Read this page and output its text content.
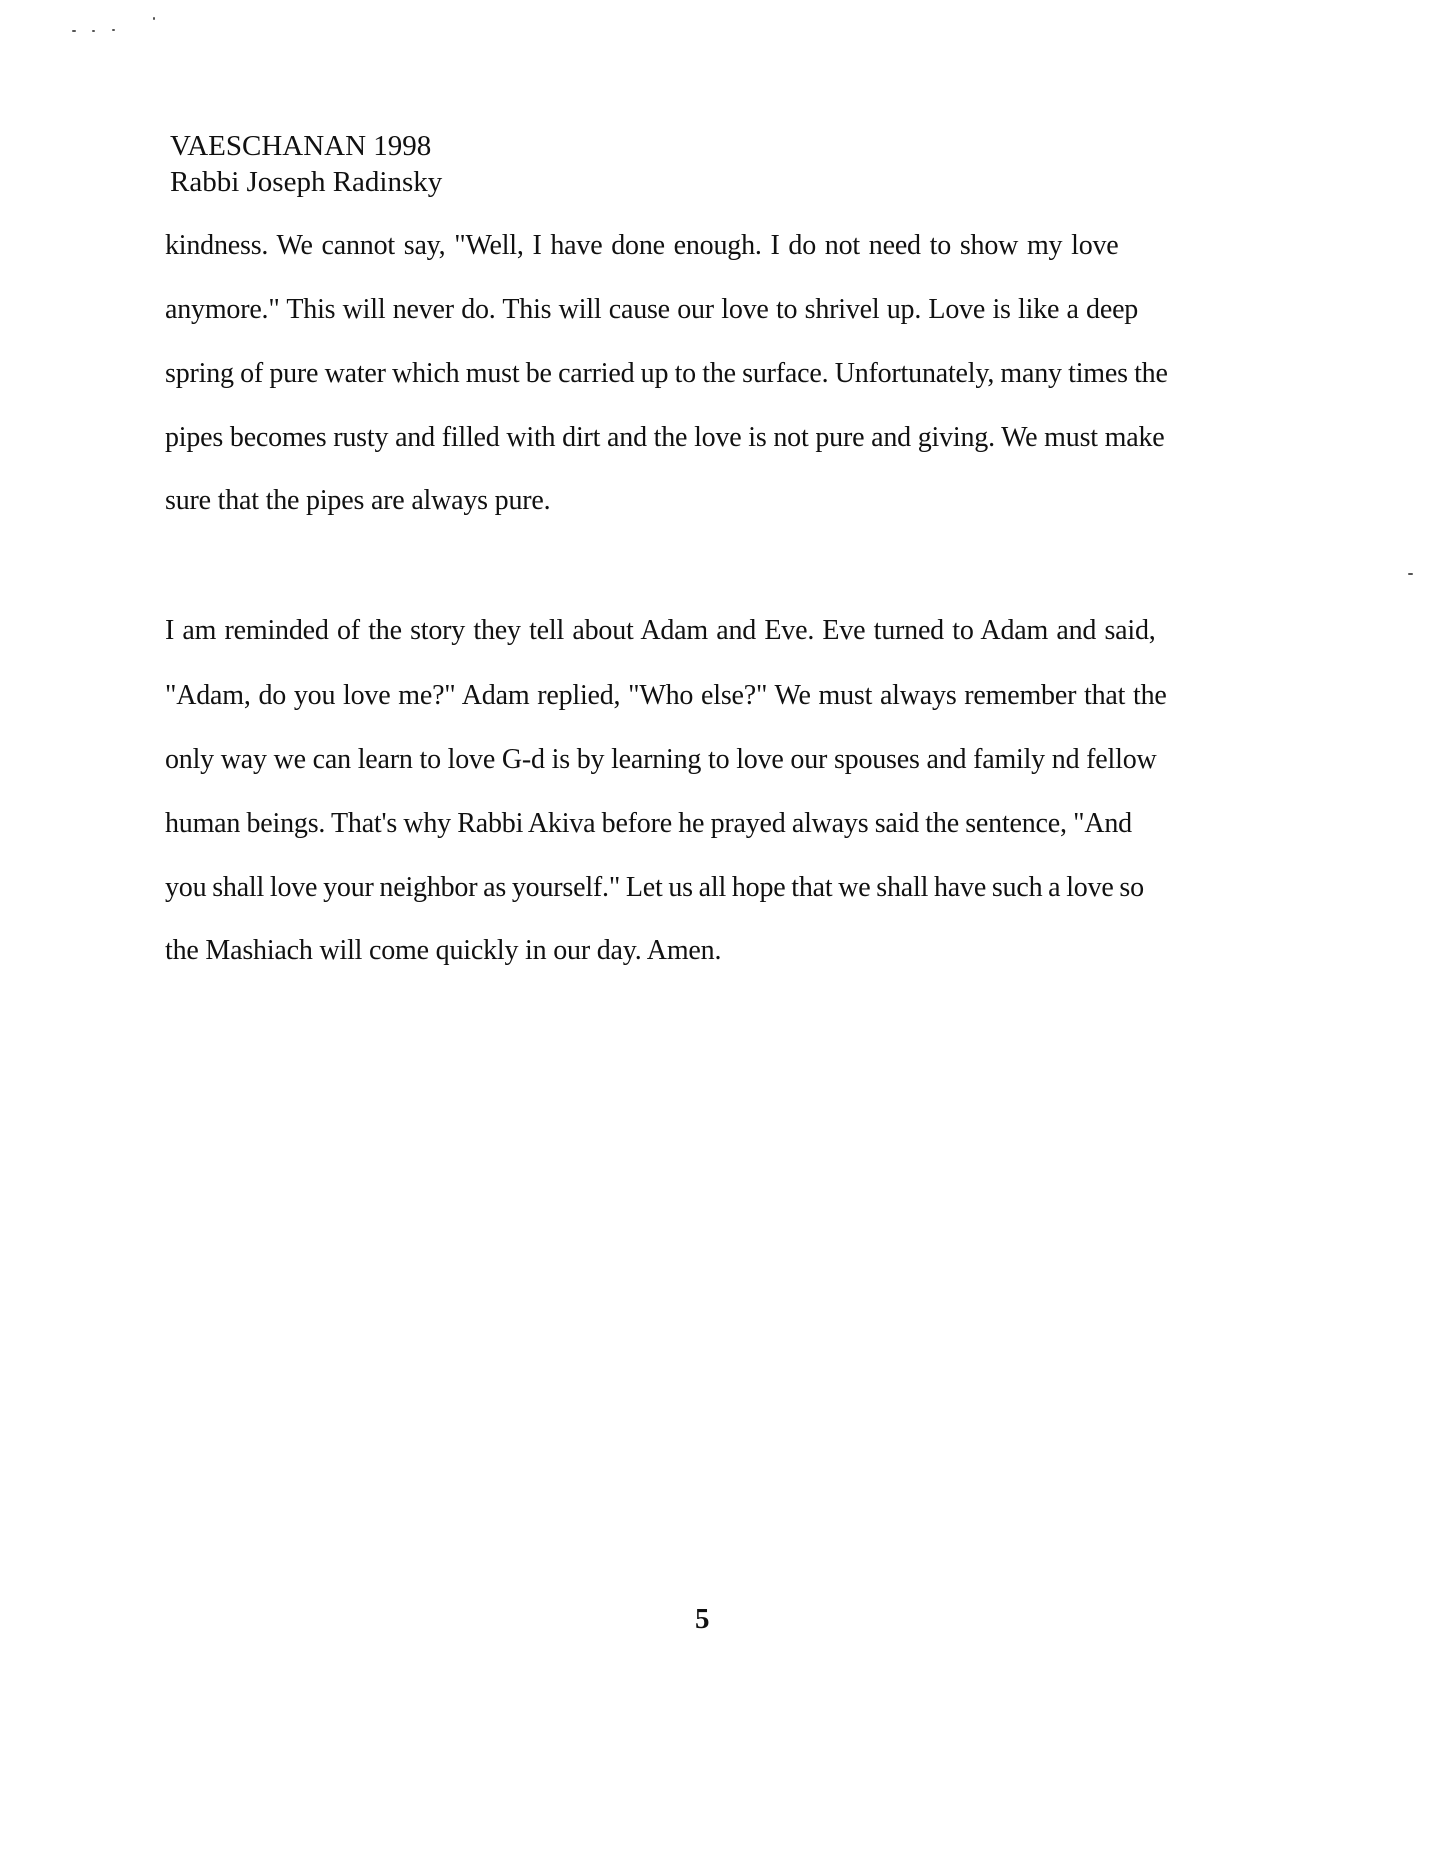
VAESCHANAN 1998
Rabbi Joseph Radinsky
kindness. We cannot say, "Well, I have done enough. I do not need to show my love
anymore." This will never do. This will cause our love to shrivel up. Love is like a deep
spring of pure water which must be carried up to the surface. Unfortunately, many times the
pipes becomes rusty and filled with dirt and the love is not pure and giving. We must make
sure that the pipes are always pure.
I am reminded of the story they tell about Adam and Eve. Eve turned to Adam and said,
"Adam, do you love me?" Adam replied, "Who else?" We must always remember that the
only way we can learn to love G-d is by learning to love our spouses and family nd fellow
human beings. That's why Rabbi Akiva before he prayed always said the sentence, "And
you shall love your neighbor as yourself." Let us all hope that we shall have such a love so
the Mashiach will come quickly in our day. Amen.
5
